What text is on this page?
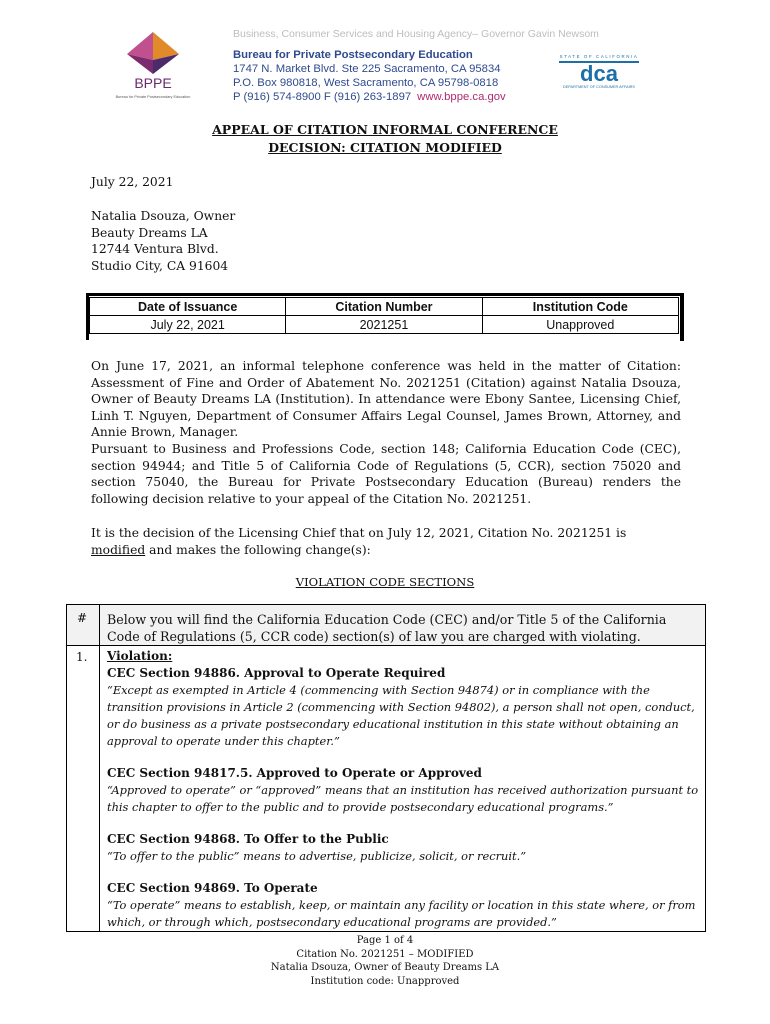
Business, Consumer Services and Housing Agency– Governor Gavin Newsom
BPPE
Bureau for Private Postsecondary Education
Bureau for Private Postsecondary Education
1747 N. Market Blvd. Ste 225 Sacramento, CA 95834
P.O. Box 980818, West Sacramento, CA 95798-0818
P (916) 574-8900 F (916) 263-1897 www.bppe.ca.gov
STATE OF CALIFORNIA
dca
DEPARTMENT OF CONSUMER AFFAIRS
APPEAL OF CITATION INFORMAL CONFERENCE
DECISION: CITATION MODIFIED
July 22, 2021
Natalia Dsouza, Owner
Beauty Dreams LA
12744 Ventura Blvd.
Studio City, CA 91604
Date of Issuance	Citation Number	Institution Code
July 22, 2021	2021251	Unapproved
On June 17, 2021, an informal telephone conference was held in the matter of Citation: Assessment of Fine and Order of Abatement No. 2021251 (Citation) against Natalia Dsouza, Owner of Beauty Dreams LA (Institution). In attendance were Ebony Santee, Licensing Chief, Linh T. Nguyen, Department of Consumer Affairs Legal Counsel, James Brown, Attorney, and Annie Brown, Manager.
Pursuant to Business and Professions Code, section 148; California Education Code (CEC), section 94944; and Title 5 of California Code of Regulations (5, CCR), section 75020 and section 75040, the Bureau for Private Postsecondary Education (Bureau) renders the following decision relative to your appeal of the Citation No. 2021251.
It is the decision of the Licensing Chief that on July 12, 2021, Citation No. 2021251 is modified and makes the following change(s):
VIOLATION CODE SECTIONS
# Below you will find the California Education Code (CEC) and/or Title 5 of the California Code of Regulations (5, CCR code) section(s) of law you are charged with violating.
1. Violation:
CEC Section 94886. Approval to Operate Required
“Except as exempted in Article 4 (commencing with Section 94874) or in compliance with the transition provisions in Article 2 (commencing with Section 94802), a person shall not open, conduct, or do business as a private postsecondary educational institution in this state without obtaining an approval to operate under this chapter.”
CEC Section 94817.5. Approved to Operate or Approved
“Approved to operate” or “approved” means that an institution has received authorization pursuant to this chapter to offer to the public and to provide postsecondary educational programs.”
CEC Section 94868. To Offer to the Public
“To offer to the public” means to advertise, publicize, solicit, or recruit.”
CEC Section 94869. To Operate
“To operate” means to establish, keep, or maintain any facility or location in this state where, or from which, or through which, postsecondary educational programs are provided.”
Page 1 of 4
Citation No. 2021251 – MODIFIED
Natalia Dsouza, Owner of Beauty Dreams LA
Institution code: Unapproved
